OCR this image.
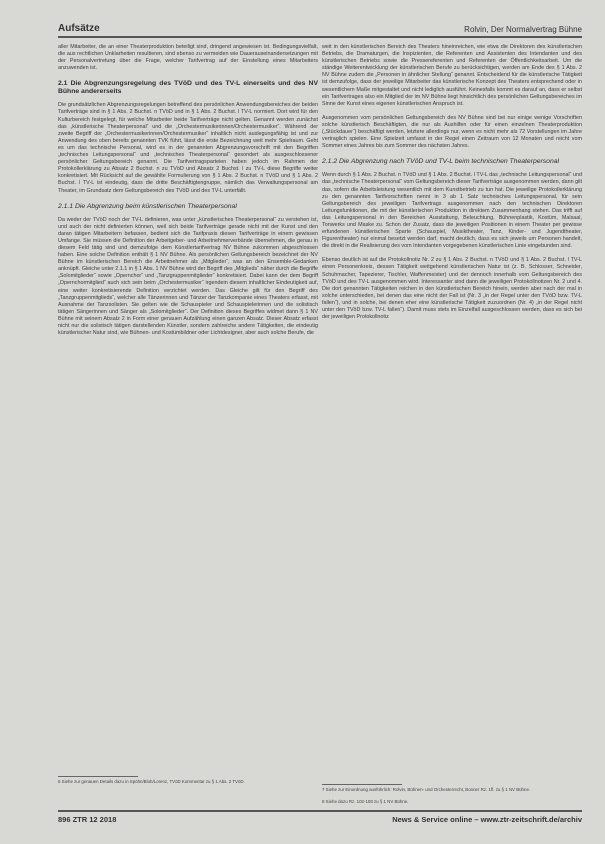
Aufsätze	Rolvin, Der Normalvertrag Bühne

aller Mitarbeiter, die an einer Theaterproduktion beteiligt sind, dringend angewiesen ist. Bedingungsvielfalt, die aus rechtlichen Unklarheiten resultieren, sind ebenso zu vermeiden wie Dauerauseinandersetzungen mit der Personalvertretung über die Frage, welcher Tarifvertrag auf der Einstellung eines Mitarbeiters anzuwenden ist.

2.1 Die Abgrenzungsregelung des TVöD und des TV-L einerseits und des NV Bühne andererseits

Die grundsätzlichen Abgrenzungsregelungen betreffend des persönlichen Anwendungsbereiches der beiden Tarifverträge sind in § 1 Abs. 2 Buchst. n TVöD und in § 1 Abs. 2 Buchst. l TV-L normiert. Dort wird für den Kulturbereich festgelegt, für welche Mitarbeiter beide Tarifverträge nicht gelten. Genannt werden zunächst das „künstlerische Theaterpersonal“ und die „Orchestermusikerinnen/Orchestermusiker“. Während der zweite Begriff der „Orchestermusikerinnen/Orchestermusiker“ inhaltlich nicht auslegungsfähig ist und zur Anwendung des oben bereits genannten TVK führt, lässt die erste Bezeichnung weit mehr Spielraum. Geht es um das technische Personal, wird es in der genannten Abgrenzungsvorschrift mit den Begriffen „technisches Leitungspersonal“ und „technisches Theaterpersonal“ gesondert als ausgeschlossener persönlicher Geltungsbereich genannt. Die Tarifvertragsparteien haben jedoch im Rahmen der Protokollerklärung zu Absatz 2 Buchst. n zu TVöD und Absatz 2 Buchst. l zu TV-L diese Begriffe weiter konkretisiert. Mit Rücksicht auf die gewählte Formulierung von § 1 Abs. 2 Buchst. n TVöD und § 1 Abs. 2 Buchst. l TV-L ist eindeutig, dass die dritte Beschäftigtengruppe, nämlich das Verwaltungspersonal am Theater, im Grundsatz dem Geltungsbereich des TVöD und des TV-L unterfällt.

2.1.1 Die Abgrenzung beim künstlerischen Theaterpersonal

Da weder der TVöD noch der TV-L definieren, was unter „künstlerisches Theaterpersonal“ zu verstehen ist, und auch der nicht definierten können, weil sich beide Tarifverträge gerade nicht mit der Kunst und den daran tätigen Mitarbeitern befassen, bedient sich die Tarifpraxis diesen Tarifverträge in einem gewissen Umfange. Sie müssen die Definition der Arbeitgeber- und Arbeitnehmerverbände übernehmen, die genau in diesem Feld tätig sind und demzufolge dem Künstlertarifvertrag NV Bühne zukommen abgeschlossen haben. Eine solche Definition enthält § 1 NV Bühne. Als persönlichen Geltungsbereich bezeichnet der NV Bühne im künstlerischen Bereich die Arbeitnehmer als „Mitglieder“, was an den Ensemble-Gedanken anknüpft. Gleiche unter 2.1.1 in § 1 Abs. 1 NV Bühne wird der Begriff des „Mitglieds“ näher durch die Begriffe „Solomitglieder“ sowie „Opernchor“ und „Tanzgruppenmitglieder“ konkretisiert. Dabei kann der dem Begriff „Opernchormitglied“ auch sich sein beim „Orchestermusiker“ irgendein diesem inhaltlicher Eindeutigkeit auf, eine weiter konkretisierende Definition verzichtet werden. Das Gleiche gilt für den Begriff des „Tanzgruppenmitglieds“, welcher alle Tänzerinnen und Tänzer der Tanzkompanie eines Theaters erfasst, mit Ausnahme der Tanzsolisten. Sie gelten wie die Schauspieler und Schauspielerinnen und die solistisch tätigen Sängerinnen und Sänger als „Solomitglieder“. Der Definition dieses Begriffes widmet dann § 1 NV Bühne mit seinem Absatz 2 in Form einer genauen Aufzählung einen ganzen Absatz. Dieser Absatz erfasst nicht nur die solistisch tätigen darstellenden Künstler, sondern zahlreiche andere Tätigkeiten, die eindeutig künstlerischer Natur sind, wie Bühnen- und Kostümbildner oder Lichtdesigner, aber auch solche Berufe, die

6 Siehe zur genauen Details dazu in Spöhn/Bloh/Lorenz, TVöD Kommentar zu § 1 Abs. 2 TVöD.

weit in den künstlerischen Bereich des Theaters hineinreichen, wie etwa die Direktoren des künstlerischen Betriebs, die Dramaturgen, die Inspizienten, die Referenten und Assistenten des Intendanten und des künstlerischen Betriebs sowie die Pressereferenten und Referenten der Öffentlichkeitsarbeit. Um die ständige Weiterentwicklung der künstlerischen Berufe zu berücksichtigen, werden am Ende des § 1 Abs. 2 NV Bühne zudem die „Personen in ähnlicher Stellung“ genannt. Entscheidend für die künstlerische Tätigkeit ist demzufolge, dass der jeweilige Mitarbeiter das künstlerische Konzept des Theaters entsprechend oder in wesentlichem Maße mitgestaltet und nicht lediglich ausführt. Keinesfalls kommt es darauf an, dass er selbst ein Tarifvertrages also ein Mitglied der im NV Bühne liegt hinsichtlich des persönlichen Geltungsbereiches im Sinne der Kunst eines eigenen künstlerischen Anspruch ist.

Ausgenommen vom persönlichen Geltungsbereich des NV Bühne sind bei nur einige wenige Vorschriften solche künstlerisch Beschäftigten, die nur als Aushilfen oder für einen einzelnen Theaterproduktion („Stückdauer“) beschäftigt werden, letztere allerdings nur, wenn es nicht mehr als 72 Vorstellungen im Jahre vertraglich spielen. Eine Spielzeit umfasst in der Regel einen Zeitraum von 12 Monaten und reicht vom Sommer eines Jahres bis zum Sommer des nächsten Jahres.

2.1.2 Die Abgrenzung nach TVöD und TV-L beim technischen Theaterpersonal

Wenn durch § 1 Abs. 2 Buchst. n TVöD und § 1 Abs. 2 Buchst. l TV-L das „technische Leitungspersonal“ und das „technische Theaterpersonal“ vom Geltungsbereich dieser Tarifverträge ausgenommen werden, dann gilt das, sofern die Arbeitsleistung wesentlich mit dem Kunstbetrieb zu tun hat. Die jeweilige Protokollerklärung zu den genannten Tarifvorschriften nennt in 3 ab 1 Satz technisches Leitungspersonal, für sein Geltungsbereich des jeweiligen Tarifvertrags ausgenommen nach den technischen Direktoren Leitungsfunktionen, die mit der künstlerischen Produktion in direktem Zusammenhang stehen. Das trifft auf das Leitungspersonal in den Bereichen Ausstattung, Beleuchtung, Bühnenplastik, Kostüm, Malsaal, Tonwerks und Maske zu. Schon der Zusatz, dass die jeweiligen Positionen in einem Theater per gewisse erfundenen künstlerischen Sparte (Schauspiel, Musiktheater, Tanz, Kinder- und Jugendtheater, Figurentheater) nur einmal besetzt werden darf, macht deutlich, dass es sich jeweils um Personen handelt, die direkt in die Realisierung des vom Intendanten vorgegebenen künstlerischen Linie eingebunden sind.

Ebenso deutlich ist auf die Protokollnotiz Nr. 2 zu § 1 Abs. 2 Buchst. n TVöD und § 1 Abs. 2 Buchst. l TV-L einen Personenkreis, dessen Tätigkeit weitgehend künstlerischen Natur ist (z. B. Schlosser, Schneider, Schuhmacher, Tapezierer, Tischler, Waffenmeister) und der dennoch innerhalb vom Geltungsbereich des TVöD und des TV-L ausgenommen wird. Interessanter sind dann die jeweiligen Protokollnotizen Nr. 2 und 4. Die dort genannten Tätigkeiten reichen in den künstlerischen Bereich hinein, werden aber nach der mal in solche unterschieden, bei denen das eine nicht der Fall ist (Nr. 3 „in der Regel unter den TVöD bzw. TV-L fallen“), und in solche, bei denen eher eine künstlerische Tätigkeit zuzuordnen (Nr. 4) „in der Regel nicht unter den TVöD bzw. TV-L fallen“). Damit muss stets im Einzelfall ausgeschlossen werden, dass es sich bei der jeweiligen Protokollnotiz

7 Siehe zur Einordnung ausführlich: Rolvin, Bühnen- und Orchesterrecht, Bonner Rz. 1ff. zu § 1 NV Bühne.
8 Siehe dazu Rz. 102-108 zu § 1 NV Bühne.
896 ZTR 12 2018	News & Service online – www.ztr-zeitschrift.de/archiv
